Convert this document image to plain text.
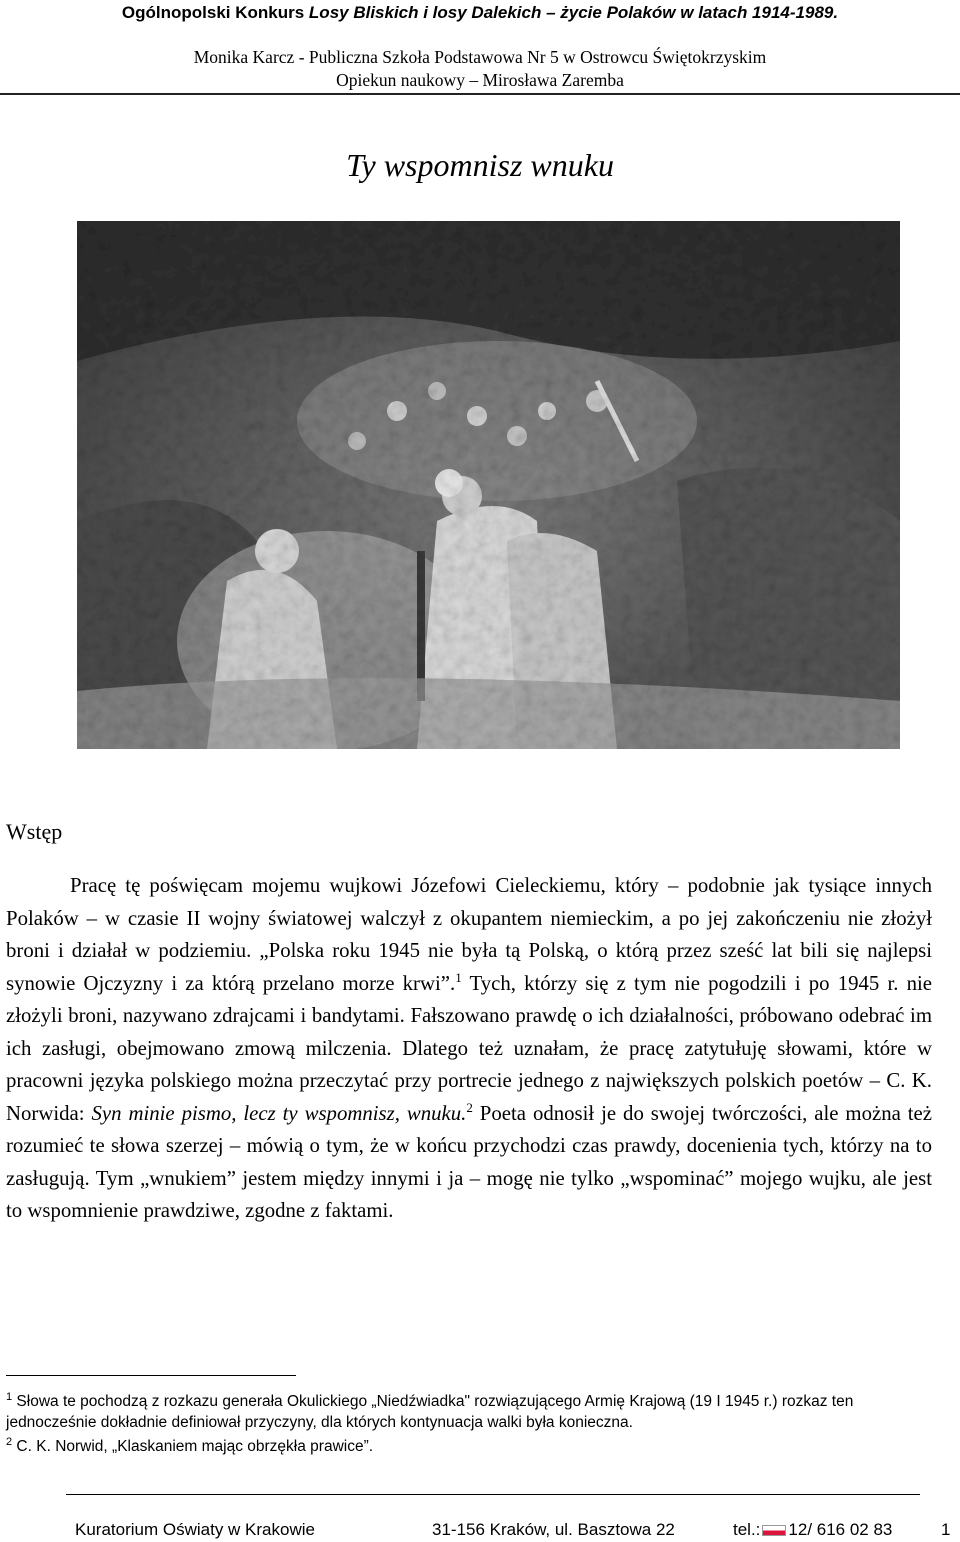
Ogólnopolski Konkurs Losy Bliskich i losy Dalekich – życie Polaków w latach 1914-1989.
Monika Karcz - Publiczna Szkoła Podstawowa Nr 5 w Ostrowcu Świętokrzyskim
Opiekun naukowy – Mirosława Zaremba
Ty wspomnisz wnuku
Wstęp
Pracę tę poświęcam mojemu wujkowi Józefowi Cieleckiemu, który – podobnie jak tysiące innych Polaków – w czasie II wojny światowej walczył z okupantem niemieckim, a po jej zakończeniu nie złożył broni i działał w podziemiu. „Polska roku 1945 nie była tą Polską, o którą przez sześć lat bili się najlepsi synowie Ojczyzny i za którą przelano morze krwi”.$^1$ Tych, którzy się z tym nie pogodzili i po 1945 r. nie złożyli broni, nazywano zdrajcami i bandytami. Fałszowano prawdę o ich działalności, próbowano odebrać im ich zasługi, obejmowano zmową milczenia. Dlatego też uznałam, że pracę zatytułuję słowami, które w pracowni języka polskiego można przeczytać przy portrecie jednego z największych polskich poetów – C. K. Norwida: Syn minie pismo, lecz ty wspomnisz, wnuku.$^2$ Poeta odnosił je do swojej twórczości, ale można też rozumieć te słowa szerzej – mówią o tym, że w końcu przychodzi czas prawdy, docenienia tych, którzy na to zasługują. Tym „wnukiem” jestem między innymi i ja – mogę nie tylko „wspominać” mojego wujku, ale jest to wspomnienie prawdziwe, zgodne z faktami.
$^1$ Słowa te pochodzą z rozkazu generała Okulickiego „Niedźwiadka" rozwiązującego Armię Krajową (19 I 1945 r.) rozkaz ten jednocześnie dokładnie definiował przyczyny, dla których kontynuacja walki była konieczna.
$^2$ C. K. Norwid, „Klaskaniem mając obrzękła prawice”.
Kuratorium Oświaty w Krakowie	31-156 Kraków, ul. Basztowa 22	tel.: 12/ 616 02 83	1
